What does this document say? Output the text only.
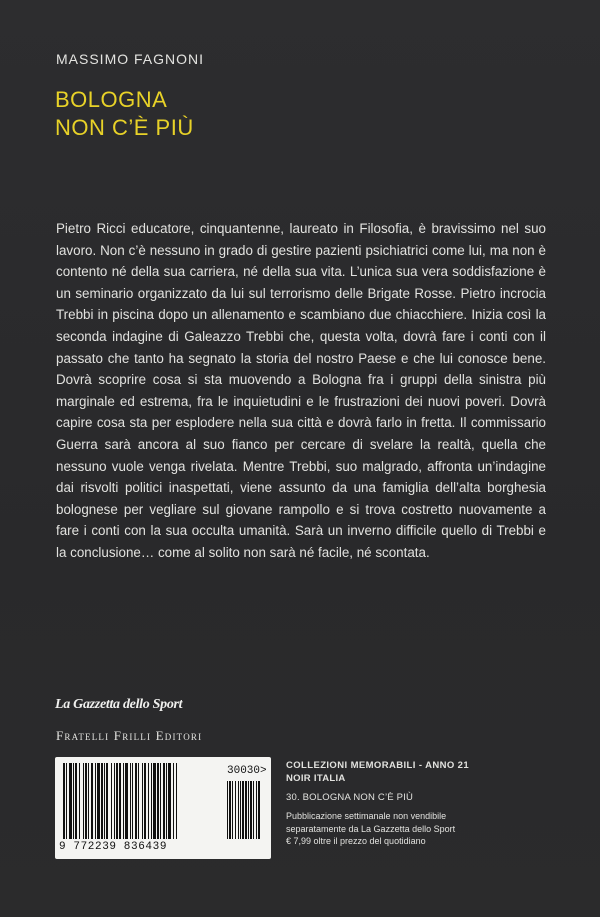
MASSIMO FAGNONI
BOLOGNA
NON C’È PIÙ
Pietro Ricci educatore, cinquantenne, laureato in Filosofia, è bravissimo nel suo lavoro. Non c’è nessuno in grado di gestire pazienti psichiatrici come lui, ma non è contento né della sua carriera, né della sua vita. L’unica sua vera soddisfazione è un seminario organizzato da lui sul terrorismo delle Brigate Rosse. Pietro incrocia Trebbi in piscina dopo un allenamento e scambiano due chiacchiere. Inizia così la seconda indagine di Galeazzo Trebbi che, questa volta, dovrà fare i conti con il passato che tanto ha segnato la storia del nostro Paese e che lui conosce bene. Dovrà scoprire cosa si sta muovendo a Bologna fra i gruppi della sinistra più marginale ed estrema, fra le inquietudini e le frustrazioni dei nuovi poveri. Dovrà capire cosa sta per esplodere nella sua città e dovrà farlo in fretta. Il commissario Guerra sarà ancora al suo fianco per cercare di svelare la realtà, quella che nessuno vuole venga rivelata. Mentre Trebbi, suo malgrado, affronta un’indagine dai risvolti politici inaspettati, viene assunto da una famiglia dell’alta borghesia bolognese per vegliare sul giovane rampollo e si trova costretto nuovamente a fare i conti con la sua occulta umanità. Sarà un inverno difficile quello di Trebbi e la conclusione… come al solito non sarà né facile, né scontata.
La Gazzetta dello Sport
Fratelli Frilli Editori
30030>
9 772239 836439
COLLEZIONI MEMORABILI - ANNO 21
NOIR ITALIA
30. BOLOGNA NON C’È PIÙ
Pubblicazione settimanale non vendibile
separatamente da La Gazzetta dello Sport
€ 7,99 oltre il prezzo del quotidiano
